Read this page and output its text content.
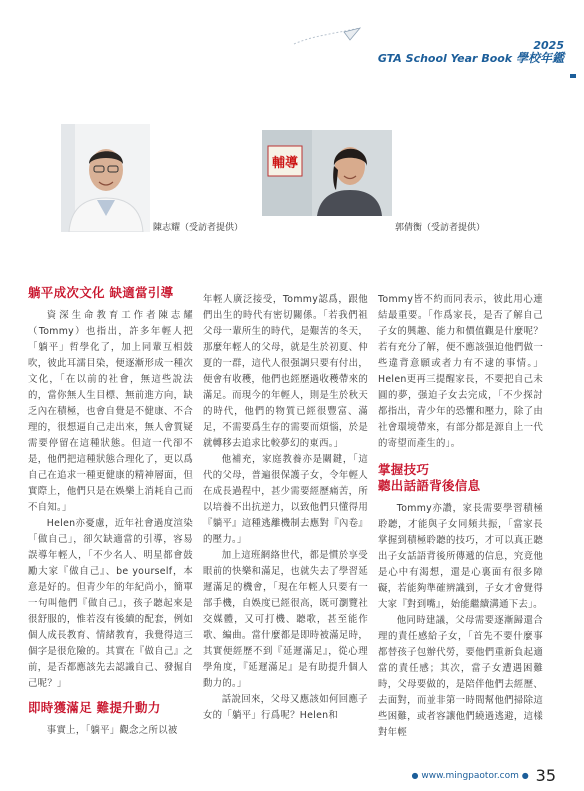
2025
GTA School Year Book 學校年鑑
陳志耀（受訪者提供）
輔導
郭倩衡（受訪者提供）
躺平成次文化 缺適當引導

資深生命教育工作者陳志耀（Tommy）也指出，許多年輕人把「躺平」哲學化了，加上同輩互相鼓吹，彼此耳濡目染，便逐漸形成一種次文化，「在以前的社會，無這些說法的，當你無人生目標、無前進方向，缺乏內在積極，也會自覺是不健康、不合理的，很想逼自己走出來，無人會質疑需要停留在這種狀態。但這一代卻不是，他們把這種狀態合理化了，更以爲自己在追求一種更健康的精神層面，但實際上，他們只是在娛樂上消耗自己而不自知。」

Helen亦憂慮，近年社會過度渲染「做自己」，卻欠缺適當的引導，容易誤導年輕人，「不少名人、明星都會鼓勵大家『做自己』、be yourself，本意是好的。但青少年的年紀尚小，簡單一句叫他們『做自己』，孩子聽起來是很舒服的，惟若沒有後續的配套，例如個人成長教育、情緒教育，我覺得這三個字是很危險的。其實在『做自己』之前，是否都應該先去認識自己、發掘自己呢？」

即時獲滿足 難提升動力

事實上，「躺平」觀念之所以被

年輕人廣泛接受，Tommy認爲，跟他們出生的時代有密切關係。「若我們祖父母一輩所生的時代，是艱苦的冬天，那麼年輕人的父母，就是生於初夏、仲夏的一群，這代人很强調只要有付出，便會有收穫，他們也經歷過收穫帶來的滿足。而現今的年輕人，則是生於秋天的時代，他們的物質已經很豐富、滿足，不需要爲生存的需要而煩惱，於是就轉移去追求比較夢幻的東西。」

他補充，家庭教養亦是關鍵，「這代的父母，普遍很保護子女，令年輕人在成長過程中，甚少需要經歷痛苦，所以培養不出抗逆力，以致他們只懂得用『躺平』這種逃離機制去應對『內卷』的壓力。」

加上這班網絡世代，都是慣於享受眼前的快樂和滿足，也就失去了學習延遲滿足的機會，「現在年輕人只要有一部手機，自娛度已經很高，既可瀏覽社交媒體，又可打機、聽歌，甚至能作歌、編曲。當什麼都是即時被滿足時，其實便經歷不到『延遲滿足』，從心理學角度，『延遲滿足』是有助提升個人動力的。」

話說回來，父母又應該如何回應子女的「躺平」行爲呢？Helen和

Tommy皆不約而同表示，彼此用心連結最重要。「作爲家長，是否了解自己子女的興趣、能力和價值觀是什麼呢？若有充分了解，便不應該强迫他們做一些違背意願或者力有不逮的事情。」Helen更再三提醒家長，不要把自己未圓的夢，强迫子女去完成，「不少探討都指出，青少年的恐懼和壓力，除了由社會環境帶來，有部分都是源自上一代的寄望而產生的」。

掌握技巧
聽出話語背後信息

Tommy亦讚，家長需要學習積極聆聽，才能與子女同頻共振，「當家長掌握到積極聆聽的技巧，才可以真正聽出子女話語背後所傳遞的信息，究竟他是心中有渴想，還是心裏面有很多障礙，若能夠準確辨識到，子女才會覺得大家『對到嘴』，始能繼續溝通下去」。

他同時建議，父母需要逐漸歸還合理的責任感給子女，「首先不要什麼事都替孩子包辦代勞，要他們重新負起適當的責任感；其次，當子女遭遇困難時，父母要做的，是陪伴他們去經歷、去面對，而並非第一時間幫他們掃除這些困難，或者容讓他們繞過逃避，這樣對年輕

● www.mingpaotor.com ● 35
